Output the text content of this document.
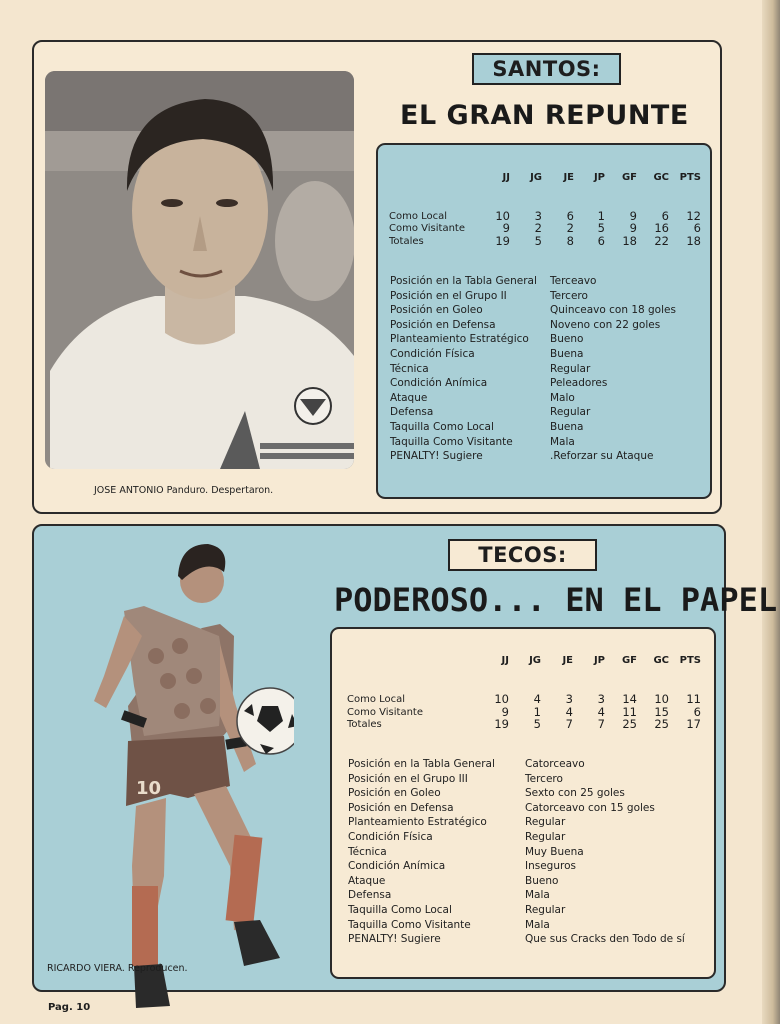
JOSE ANTONIO Panduro. Despertaron.
SANTOS:
EL GRAN REPUNTE
JJ	JG	JE	JP	GF	GC	PTS
Como Local	10	3	6	1	9	6	12
Como Visitante	9	2	2	5	9	16	6
Totales	19	5	8	6	18	22	18
Posición en la Tabla General Terceavo
Posición en el Grupo II	Tercero
Posición en Goleo	Quinceavo con 18 goles
Posición en Defensa	Noveno con 22 goles
Planteamiento Estratégico Bueno
Condición Física	Buena
Técnica	Regular
Condición Anímica	Peleadores
Ataque	Malo
Defensa	Regular
Taquilla Como Local	Buena
Taquilla Como Visitante	Mala
PENALTY! Sugiere	.Reforzar su Ataque
TECOS:
PODEROSO... EN EL PAPEL
10
RICARDO VIERA. Reproducen.
JJ	JG	JE	JP	GF	GC	PTS
Como Local	10	4	3	3	14	10	11
Como Visitante	9	1	4	4	11	15	6
Totales	19	5	7	7	25	25	17
Posición en la Tabla General	Catorceavo
Posición en el Grupo III	Tercero
Posición en Goleo	Sexto con 25 goles
Posición en Defensa	Catorceavo con 15 goles
Planteamiento Estratégico	Regular
Condición Física	Regular
Técnica	Muy Buena
Condición Anímica	Inseguros
Ataque	Bueno
Defensa	Mala
Taquilla Como Local	Regular
Taquilla Como Visitante	Mala
PENALTY! Sugiere	Que sus Cracks den Todo de sí
Pag. 10
